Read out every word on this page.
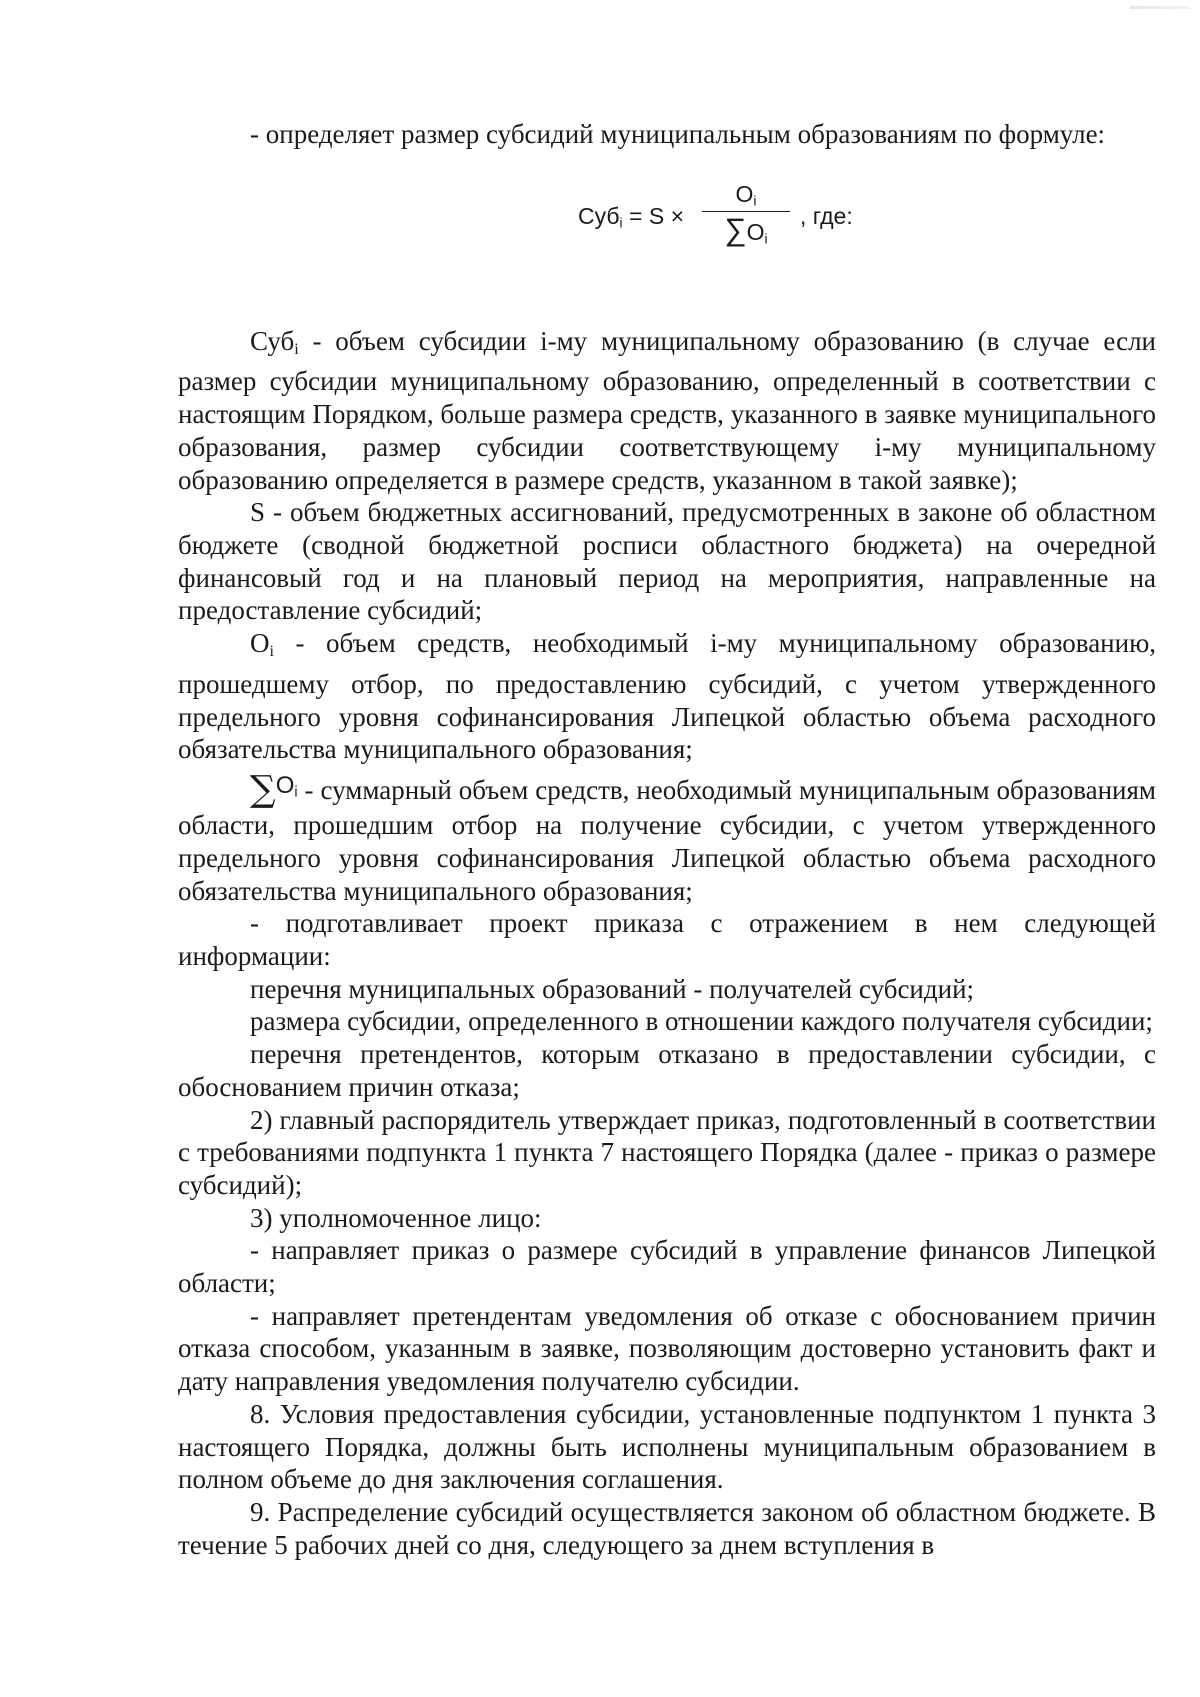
- определяет размер субсидий муниципальным образованиям по формуле:

Суб$_i$ = S ×
$O_i$
$\sum O_i$
, где:

Суб$_i$ - объем субсидии i-му муниципальному образованию (в случае если размер субсидии муниципальному образованию, определенный в соответствии с настоящим Порядком, больше размера средств, указанного в заявке муниципального образования, размер субсидии соответствующему i-му муниципальному образованию определяется в размере средств, указанном в такой заявке);

S - объем бюджетных ассигнований, предусмотренных в законе об областном бюджете (сводной бюджетной росписи областного бюджета) на очередной финансовый год и на плановый период на мероприятия, направленные на предоставление субсидий;

$O_i$ - объем средств, необходимый i-му муниципальному образованию, прошедшему отбор, по предоставлению субсидий, с учетом утвержденного предельного уровня софинансирования Липецкой областью объема расходного обязательства муниципального образования;

$\sum O_i$ - суммарный объем средств, необходимый муниципальным образованиям области, прошедшим отбор на получение субсидии, с учетом утвержденного предельного уровня софинансирования Липецкой областью объема расходного обязательства муниципального образования;

- подготавливает проект приказа с отражением в нем следующей информации:

перечня муниципальных образований - получателей субсидий;

размера субсидии, определенного в отношении каждого получателя субсидии;

перечня претендентов, которым отказано в предоставлении субсидии, с обоснованием причин отказа;

2) главный распорядитель утверждает приказ, подготовленный в соответствии с требованиями подпункта 1 пункта 7 настоящего Порядка (далее - приказ о размере субсидий);

3) уполномоченное лицо:

- направляет приказ о размере субсидий в управление финансов Липецкой области;

- направляет претендентам уведомления об отказе с обоснованием причин отказа способом, указанным в заявке, позволяющим достоверно установить факт и дату направления уведомления получателю субсидии.

8. Условия предоставления субсидии, установленные подпунктом 1 пункта 3 настоящего Порядка, должны быть исполнены муниципальным образованием в полном объеме до дня заключения соглашения.

9. Распределение субсидий осуществляется законом об областном бюджете. В течение 5 рабочих дней со дня, следующего за днем вступления в
